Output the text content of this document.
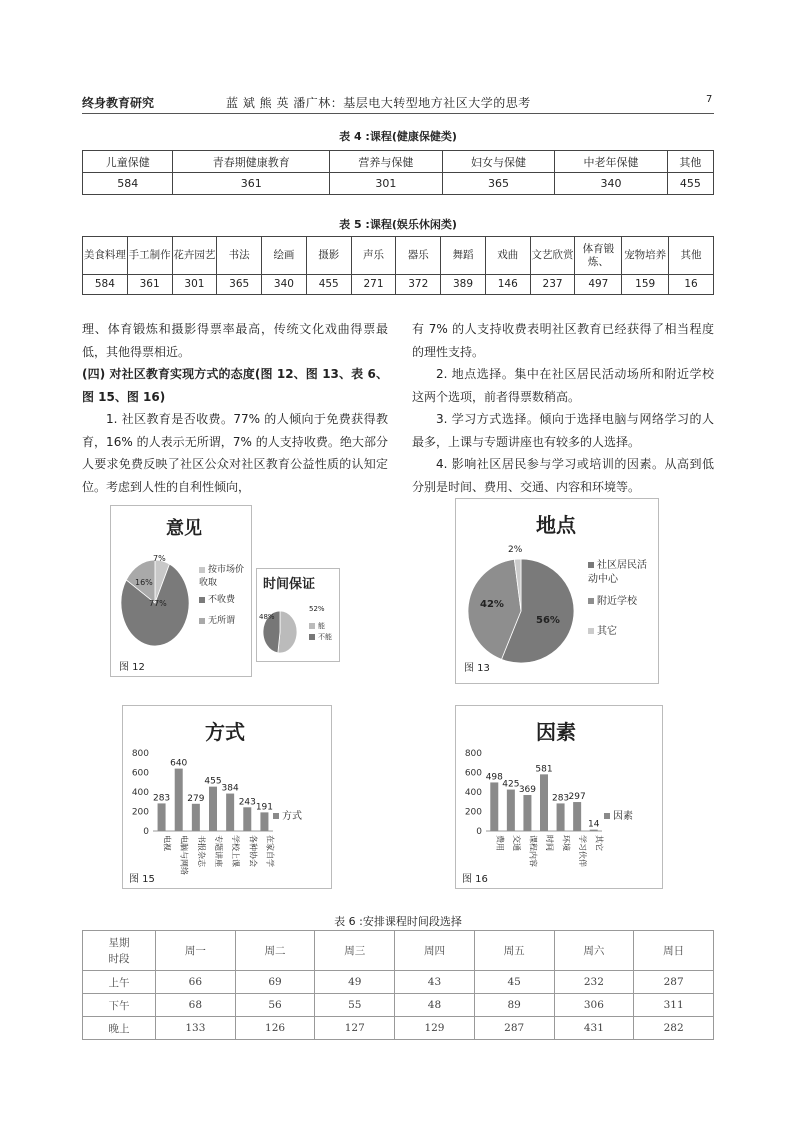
终身教育研究	蓝 斌 熊 英 潘广林：基层电大转型地方社区大学的思考	7
表 4 :课程(健康保健类)
儿童保健	青春期健康教育	营养与保健	妇女与保健	中老年保健	其他
584	361	301	365	340	455
表 5 :课程(娱乐休闲类)
美食料理	手工制作	花卉园艺	书法	绘画	摄影	声乐	器乐	舞蹈	戏曲	文艺欣赏	体育锻炼、	宠物培养	其他
584	361	301	365	340	455	271	372	389	146	237	497	159	16
理、体育锻炼和摄影得票率最高，传统文化戏曲得票最低，其他得票相近。
(四) 对社区教育实现方式的态度(图 12、图 13、表 6、图 15、图 16)
1. 社区教育是否收费。77% 的人倾向于免费获得教育，16% 的人表示无所谓，7% 的人支持收费。绝大部分人要求免费反映了社区公众对社区教育公益性质的认知定位。考虑到人性的自利性倾向，
有 7% 的人支持收费表明社区教育已经获得了相当程度的理性支持。
2. 地点选择。集中在社区居民活动场所和附近学校这两个选项，前者得票数稍高。
3. 学习方式选择。倾向于选择电脑与网络学习的人最多，上课与专题讲座也有较多的人选择。
4. 影响社区居民参与学习或培训的因素。从高到低分别是时间、费用、交通、内容和环境等。
意见
77%
16%
7%
按市场价收取
不收费
无所谓
图 12
时间保证
48%
52%
能
不能
地点
56%
42%
2%
社区居民活动中心
附近学校
其它
图 13
方式
0
200
400
600
800
283
电视
640
电脑与网络
279
书报杂志
455
专题讲座
384
学校上课
243
各种协会
191
在家自学
方式
图 15
因素
0
200
400
600
800
498
费用
425
交通
369
课程内容
581
时间
283
环境
297
学习伙伴
14
其它
因素
图 16
表 6 :安排课程时间段选择
星期
时段	周一	周二	周三	周四	周五	周六	周日
上午	66	69	49	43	45	232	287
下午	68	56	55	48	89	306	311
晚上	133	126	127	129	287	431	282
